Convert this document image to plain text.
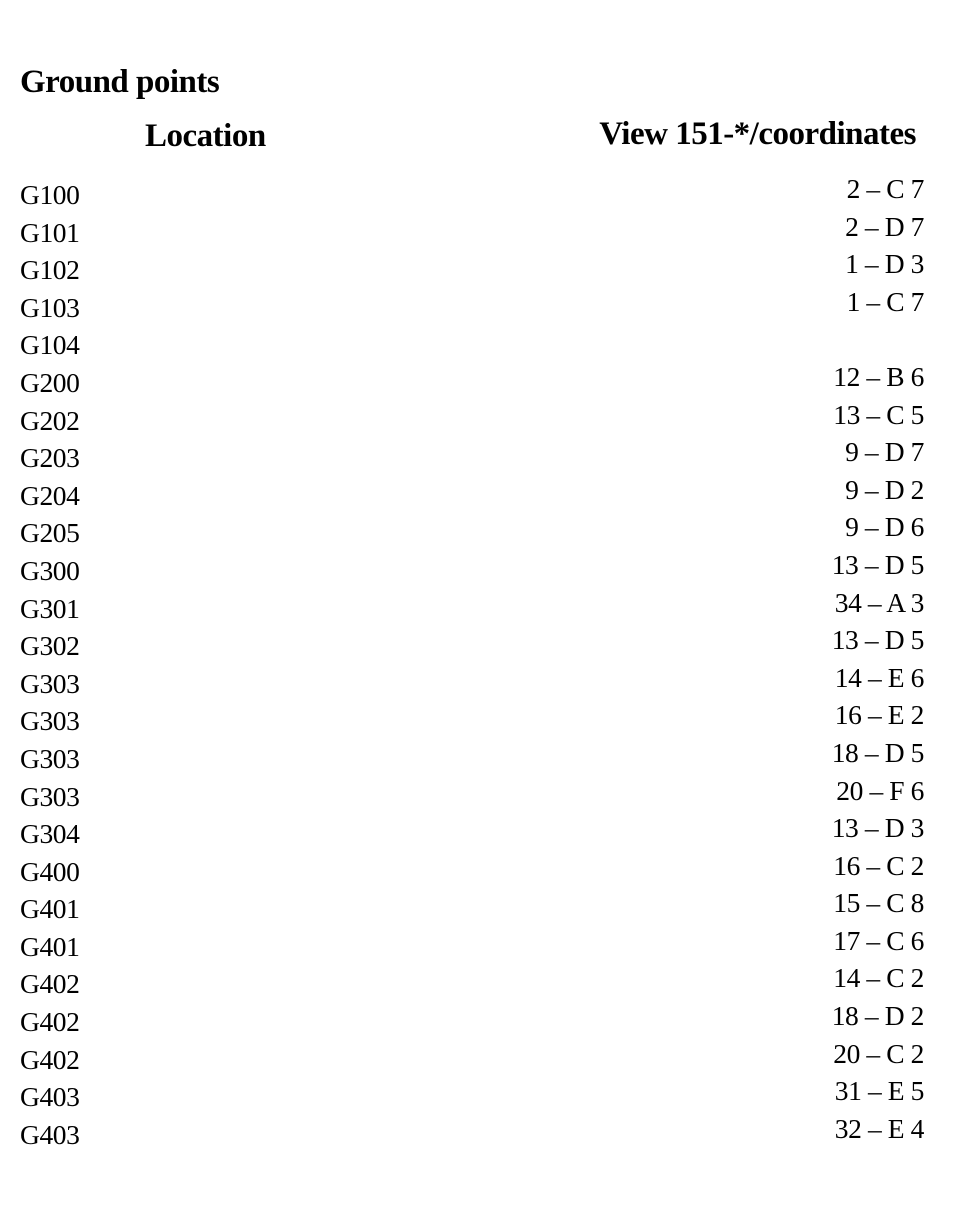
Ground points
Location	View 151-*/coordinates
G100	2 – C 7
G101	2 – D 7
G102	1 – D 3
G103	1 – C 7
G104
G200	12 – B 6
G202	13 – C 5
G203	9 – D 7
G204	9 – D 2
G205	9 – D 6
G300	13 – D 5
G301	34 – A 3
G302	13 – D 5
G303	14 – E 6
G303	16 – E 2
G303	18 – D 5
G303	20 – F 6
G304	13 – D 3
G400	16 – C 2
G401	15 – C 8
G401	17 – C 6
G402	14 – C 2
G402	18 – D 2
G402	20 – C 2
G403	31 – E 5
G403	32 – E 4
